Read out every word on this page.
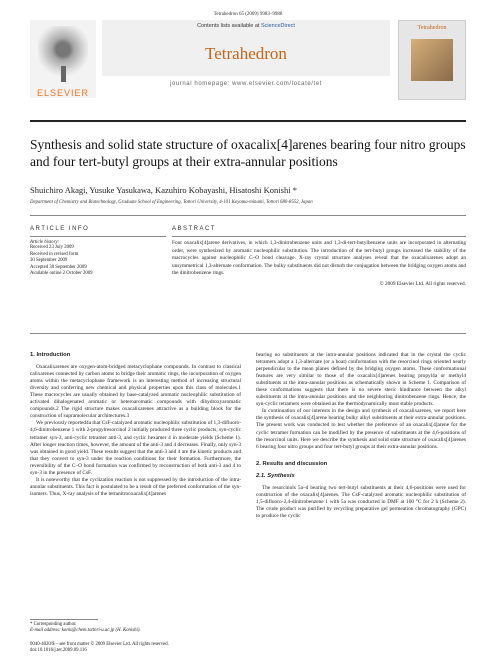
Tetrahedron 65 (2009) 9983–9988
ELSEVIER
Contents lists available at ScienceDirect
Tetrahedron
journal homepage: www.elsevier.com/locate/tet
Tetrahedron
Synthesis and solid state structure of oxacalix[4]arenes bearing four nitro groups and four tert-butyl groups at their extra-annular positions
Shuichiro Akagi, Yusuke Yasukawa, Kazuhiro Kobayashi, Hisatoshi Konishi *
Department of Chemistry and Biotechnology, Graduate School of Engineering, Tottori University, 4-101 Koyama-minami, Tottori 680-8552, Japan
ARTICLE INFO
Article history:
Received 23 July 2009
Received in revised form
30 September 2009
Accepted 30 September 2009
Available online 2 October 2009
ABSTRACT
Four oxacalix[4]arene derivatives, in which 1,3-dinitrobenzene units and 1,3-di-tert-butylbenzene units are incorporated in alternating order, were synthesized by aromatic nucleophilic substitution. The introduction of the tert-butyl groups increased the stability of the macrocycles against nucleophilic C–O bond cleavage. X-ray crystal structure analyses reveal that the oxacalixarenes adopt an unsymmetrical 1,3-alternate conformation. The bulky substituents did not disturb the conjugation between the bridging oxygen atoms and the dinitrobenzene rings.
© 2009 Elsevier Ltd. All rights reserved.
1. Introduction

Oxacalixarenes are oxygen-atom-bridged metacyclophane compounds. In contrast to classical calixarenes connected by carbon atoms to bridge their aromatic rings, the incorporation of oxygen atoms within the metacyclophane framework is an interesting method of increasing structural diversity and conferring new chemical and physical properties upon this class of molecules.1 These macrocycles are usually obtained by base-catalyzed aromatic nucleophilic substitution of activated dihalogenated aromatic or heteroaromatic compounds with dihydroxyaromatic compounds.2 The rigid structure makes oxacalixarenes attractive as a building block for the construction of supramolecular architectures.3

We previously reported4a that CsF-catalyzed aromatic nucleophilic substitution of 1,3-difluoro-4,6-dinitrobenzene 1 with 2-propylresorcinol 2 initially produced three cyclic products, syn-cyclic tetramer syn-3, anti-cyclic tetramer anti-3, and cyclic hexamer 4 in moderate yields (Scheme 1). After longer reaction times, however, the amount of the anti-3 and 4 decreases. Finally, only syn-3 was obtained in good yield. These results suggest that the anti-3 and 4 are the kinetic products and that they convert to syn-3 under the reaction conditions for their formation. Furthermore, the reversibility of the C–O bond formation was confirmed by reconstruction of both anti-3 and 4 to syn-3 in the presence of CsF.

It is noteworthy that the cyclization reaction is not suppressed by the introduction of the intra-annular substituents. This fact is postulated to be a result of the preferred conformation of the syn-isomers. Thus, X-ray analysis of the tetranitrooxacalix[4]arenes

* Corresponding author.
E-mail address: konis@chem.tottori-u.ac.jp (H. Konishi).
0040-4020/$ – see front matter © 2009 Elsevier Ltd. All rights reserved.
doi:10.1016/j.tet.2009.09.116

bearing no substituents at the intra-annular positions indicated that in the crystal the cyclic tetramers adopt a 1,3-alternate (or a boat) conformation with the resorcinol rings oriented nearly perpendicular to the mean planes defined by the bridging oxygen atoms. These conformational features are very similar to those of the oxacalix[4]arenes bearing propyl4a or methyl4 substituents at the intra-annular positions as schematically shown in Scheme 1. Comparison of these conformations suggests that there is no severe steric hindrance between the alkyl substituents at the intra-annular positions and the neighboring dinitrobenzene rings. Hence, the syn-cyclic tetramers were obtained as the thermodynamically most stable products.

In continuation of our interests in the design and synthesis of oxacalixarenes, we report here the synthesis of oxacalix[4]arene bearing bulky alkyl substituents at their extra-annular positions. The present work was conducted to test whether the preference of an oxacalix[4]arene for the cyclic tetramer formation can be modified by the presence of substituents at the 4,6-positions of the resorcinol units. Here we describe the synthesis and solid state structure of oxacalix[4]arenes 6 bearing four nitro groups and four tert-butyl groups at their extra-annular positions.

2. Results and discussion
2.1. Synthesis

The resorcinols 5a–d bearing two tert-butyl substituents at their 4,6-positions were used for construction of the oxacalix[4]arenes. The CsF-catalyzed aromatic nucleophilic substitution of 1,5-difluoro-2,4-dinitrobenzene 1 with 5a was conducted in DMF at 100 °C for 2 h (Scheme 2). The crude product was purified by recycling preparative gel permeation chromatography (GPC) to produce the cyclic
